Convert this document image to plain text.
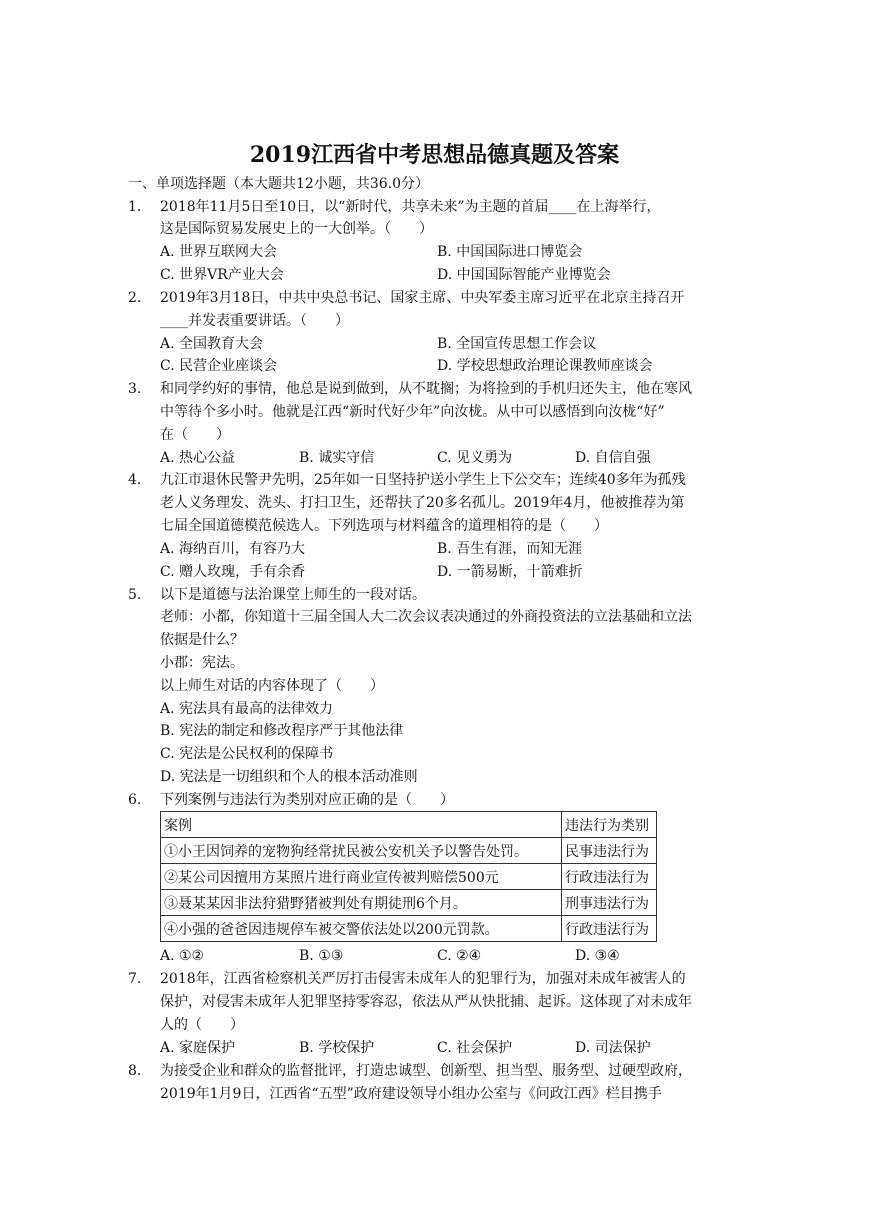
2019江西省中考思想品德真题及答案
一、单项选择题（本大题共12小题，共36.0分）
1. 2018年11月5日至10日，以“新时代，共享未来”为主题的首届____在上海举行，
这是国际贸易发展史上的一大创举。（　　）
A. 世界互联网大会	B. 中国国际进口博览会
C. 世界VR产业大会	D. 中国国际智能产业博览会
2. 2019年3月18日，中共中央总书记、国家主席、中央军委主席习近平在北京主持召开
____并发表重要讲话。（　　）
A. 全国教育大会	B. 全国宣传思想工作会议
C. 民营企业座谈会	D. 学校思想政治理论课教师座谈会
3. 和同学约好的事情，他总是说到做到，从不耽搁；为将捡到的手机归还失主，他在寒风
中等待个多小时。他就是江西“新时代好少年”向汝栊。从中可以感悟到向汝栊“好”
在（　　）
A. 热心公益	B. 诚实守信	C. 见义勇为	D. 自信自强
4. 九江市退休民警尹先明，25年如一日坚持护送小学生上下公交车；连续40多年为孤残
老人义务理发、洗头、打扫卫生，还帮扶了20多名孤儿。2019年4月，他被推荐为第
七届全国道德模范候选人。下列选项与材料蕴含的道理相符的是（　　）
A. 海纳百川，有容乃大	B. 吾生有涯，而知无涯
C. 赠人玫瑰，手有余香	D. 一箭易断，十箭难折
5. 以下是道德与法治课堂上师生的一段对话。
老师：小都，你知道十三届全国人大二次会议表决通过的外商投资法的立法基础和立法
依据是什么？
小郡：宪法。
以上师生对话的内容体现了（　　）
A. 宪法具有最高的法律效力
B. 宪法的制定和修改程序严于其他法律
C. 宪法是公民权利的保障书
D. 宪法是一切组织和个人的根本活动准则
6. 下列案例与违法行为类别对应正确的是（　　）
案例	违法行为类别
①小王因饲养的宠物狗经常扰民被公安机关予以警告处罚。	民事违法行为
②某公司因擅用方某照片进行商业宣传被判赔偿500元	行政违法行为
③聂某某因非法狩猎野猪被判处有期徒刑6个月。	刑事违法行为
④小强的爸爸因违规停车被交警依法处以200元罚款。	行政违法行为
A. ①②	B. ①③	C. ②④	D. ③④
7. 2018年，江西省检察机关严厉打击侵害未成年人的犯罪行为，加强对未成年被害人的
保护，对侵害未成年人犯罪坚持零容忍，依法从严从快批捕、起诉。这体现了对未成年
人的（　　）
A. 家庭保护	B. 学校保护	C. 社会保护	D. 司法保护
8. 为接受企业和群众的监督批评，打造忠诚型、创新型、担当型、服务型、过硬型政府，
2019年1月9日，江西省“五型”政府建设领导小组办公室与《问政江西》栏目携手
